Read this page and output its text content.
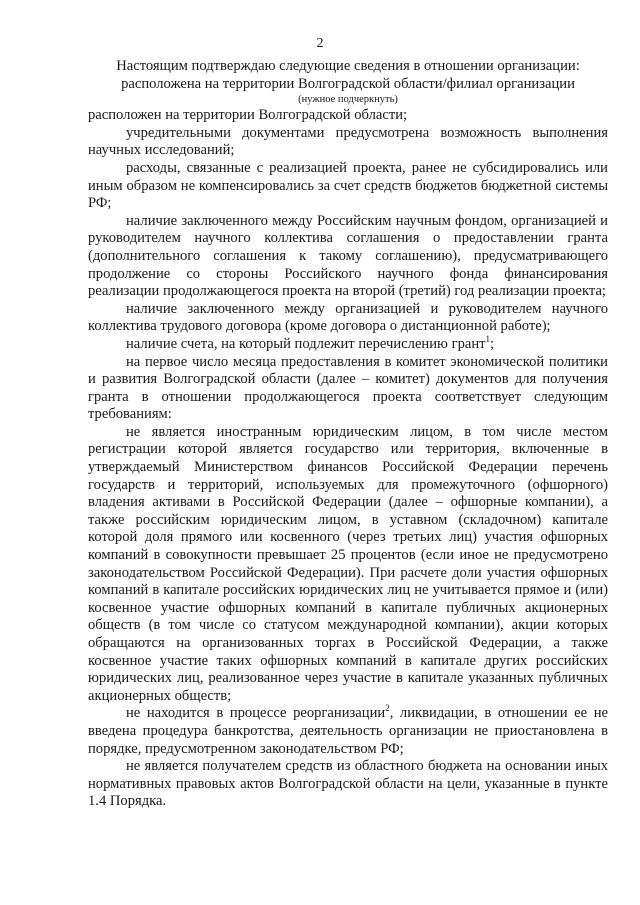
2
Настоящим подтверждаю следующие сведения в отношении организации:
расположена на территории Волгоградской области/филиал организации
(нужное подчеркнуть)

расположен на территории Волгоградской области;

учредительными документами предусмотрена возможность выполнения научных исследований;

расходы, связанные с реализацией проекта, ранее не субсидировались или иным образом не компенсировались за счет средств бюджетов бюджетной системы РФ;

наличие заключенного между Российским научным фондом, организацией и руководителем научного коллектива соглашения о предоставлении гранта (дополнительного соглашения к такому соглашению), предусматривающего продолжение со стороны Российского научного фонда финансирования реализации продолжающегося проекта на второй (третий) год реализации проекта;

наличие заключенного между организацией и руководителем научного коллектива трудового договора (кроме договора о дистанционной работе);

наличие счета, на который подлежит перечислению грант$^1$;

на первое число месяца предоставления в комитет экономической политики и развития Волгоградской области (далее – комитет) документов для получения гранта в отношении продолжающегося проекта соответствует следующим требованиям:

не является иностранным юридическим лицом, в том числе местом регистрации которой является государство или территория, включенные в утверждаемый Министерством финансов Российской Федерации перечень государств и территорий, используемых для промежуточного (офшорного) владения активами в Российской Федерации (далее – офшорные компании), а также российским юридическим лицом, в уставном (складочном) капитале которой доля прямого или косвенного (через третьих лиц) участия офшорных компаний в совокупности превышает 25 процентов (если иное не предусмотрено законодательством Российской Федерации). При расчете доли участия офшорных компаний в капитале российских юридических лиц не учитывается прямое и (или) косвенное участие офшорных компаний в капитале публичных акционерных обществ (в том числе со статусом международной компании), акции которых обращаются на организованных торгах в Российской Федерации, а также косвенное участие таких офшорных компаний в капитале других российских юридических лиц, реализованное через участие в капитале указанных публичных акционерных обществ;

не находится в процессе реорганизации$^2$, ликвидации, в отношении ее не введена процедура банкротства, деятельность организации не приостановлена в порядке, предусмотренном законодательством РФ;

не является получателем средств из областного бюджета на основании иных нормативных правовых актов Волгоградской области на цели, указанные в пункте 1.4 Порядка.
